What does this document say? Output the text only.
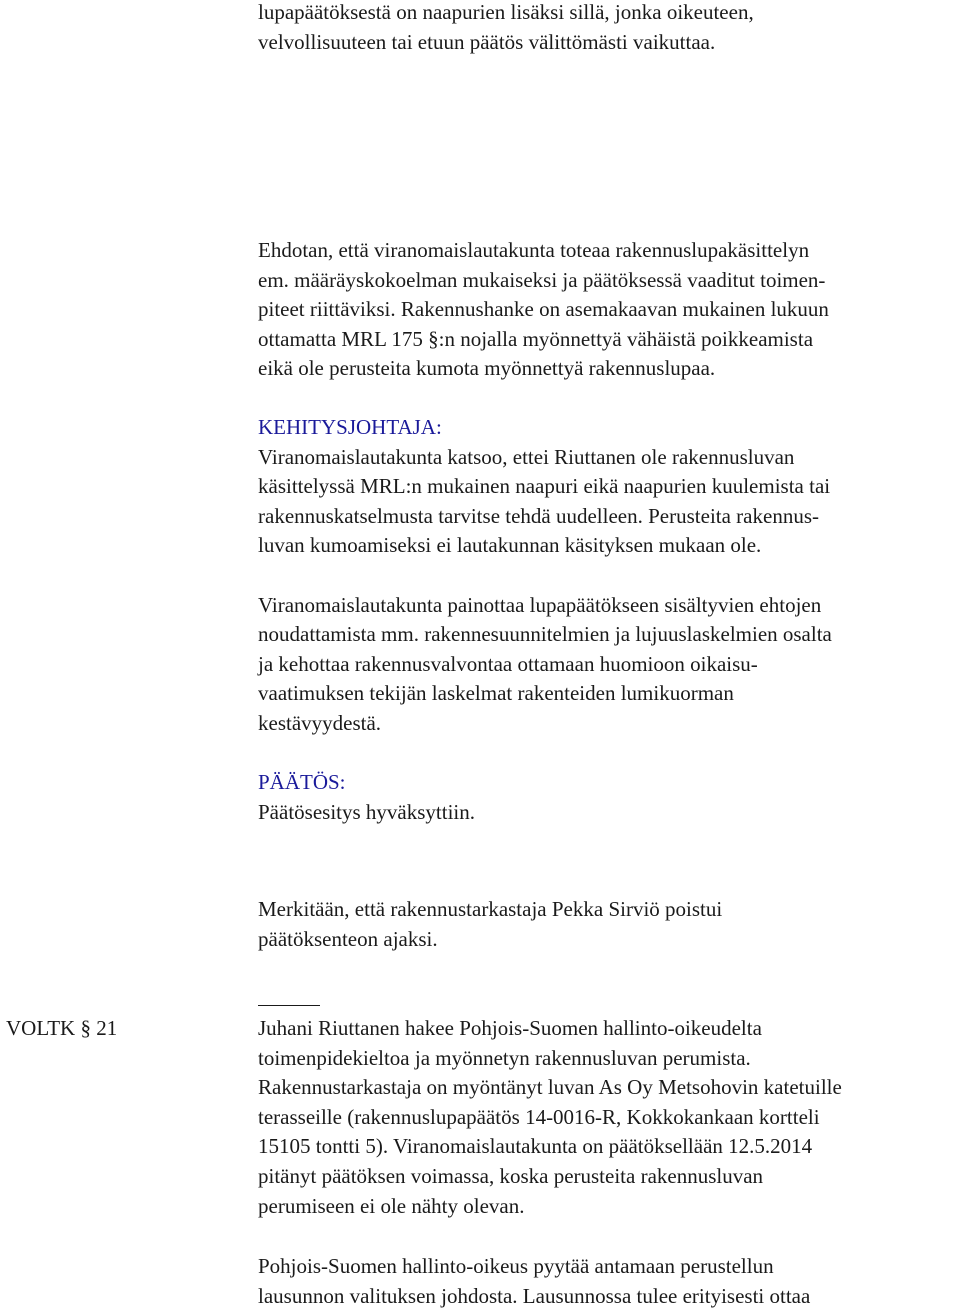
lupapäätöksestä on naapurien lisäksi sillä, jonka oikeuteen,
velvollisuuteen tai etuun päätös välittömästi vaikuttaa.

Ehdotan, että viranomaislautakunta toteaa rakennuslupakäsittelyn
em. määräyskokoelman mukaiseksi ja päätöksessä vaaditut toimen-
piteet riittäviksi. Rakennushanke on asemakaavan mukainen lukuun
ottamatta MRL 175 §:n nojalla myönnettyä vähäistä poikkeamista
eikä ole perusteita kumota myönnettyä rakennuslupaa.

KEHITYSJOHTAJA:
Viranomaislautakunta katsoo, ettei Riuttanen ole rakennusluvan
käsittelyssä MRL:n mukainen naapuri eikä naapurien kuulemista tai
rakennuskatselmusta tarvitse tehdä uudelleen. Perusteita rakennus-
luvan kumoamiseksi ei lautakunnan käsityksen mukaan ole.
Viranomaislautakunta painottaa lupapäätökseen sisältyvien ehtojen
noudattamista mm. rakennesuunnitelmien ja lujuuslaskelmien osalta
ja kehottaa rakennusvalvontaa ottamaan huomioon oikaisu-
vaatimuksen tekijän laskelmat rakenteiden lumikuorman
kestävyydestä.
PÄÄTÖS:
Päätösesitys hyväksyttiin.

Merkitään, että rakennustarkastaja Pekka Sirviö poistui
päätöksenteon ajaksi.

VOLTK § 21	Juhani Riuttanen hakee Pohjois-Suomen hallinto-oikeudelta
toimenpidekieltoa ja myönnetyn rakennusluvan perumista.
Rakennustarkastaja on myöntänyt luvan As Oy Metsohovin katetuille
terasseille (rakennuslupapäätös 14-0016-R, Kokkokankaan kortteli
15105 tontti 5). Viranomaislautakunta on päätöksellään 12.5.2014
pitänyt päätöksen voimassa, koska perusteita rakennusluvan
perumiseen ei ole nähty olevan.

Pohjois-Suomen hallinto-oikeus pyytää antamaan perustellun
lausunnon valituksen johdosta. Lausunnossa tulee erityisesti ottaa
